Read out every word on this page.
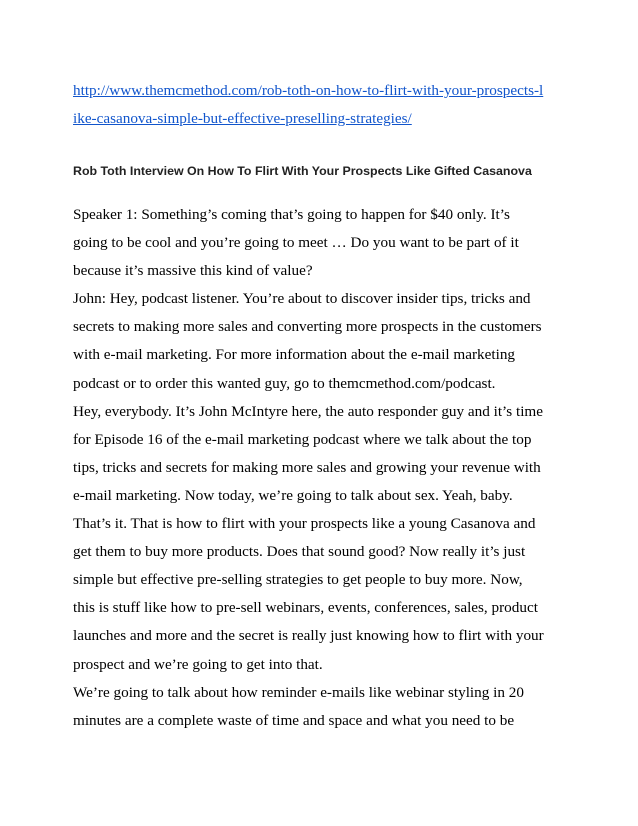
http://www.themcmethod.com/rob-toth-on-how-to-flirt-with-your-prospects-l
ike-casanova-simple-but-effective-preselling-strategies/
Rob Toth Interview On How To Flirt With Your Prospects Like Gifted Casanova
Speaker 1: Something’s coming that’s going to happen for $40 only. It’s
going to be cool and you’re going to meet … Do you want to be part of it
because it’s massive this kind of value?
John: Hey, podcast listener. You’re about to discover insider tips, tricks and
secrets to making more sales and converting more prospects in the customers
with e-mail marketing. For more information about the e-mail marketing
podcast or to order this wanted guy, go to themcmethod.com/podcast.
Hey, everybody. It’s John McIntyre here, the auto responder guy and it’s time
for Episode 16 of the e-mail marketing podcast where we talk about the top
tips, tricks and secrets for making more sales and growing your revenue with
e-mail marketing. Now today, we’re going to talk about sex. Yeah, baby.
That’s it. That is how to flirt with your prospects like a young Casanova and
get them to buy more products. Does that sound good? Now really it’s just
simple but effective pre-selling strategies to get people to buy more. Now,
this is stuff like how to pre-sell webinars, events, conferences, sales, product
launches and more and the secret is really just knowing how to flirt with your
prospect and we’re going to get into that.
We’re going to talk about how reminder e-mails like webinar styling in 20
minutes are a complete waste of time and space and what you need to be
